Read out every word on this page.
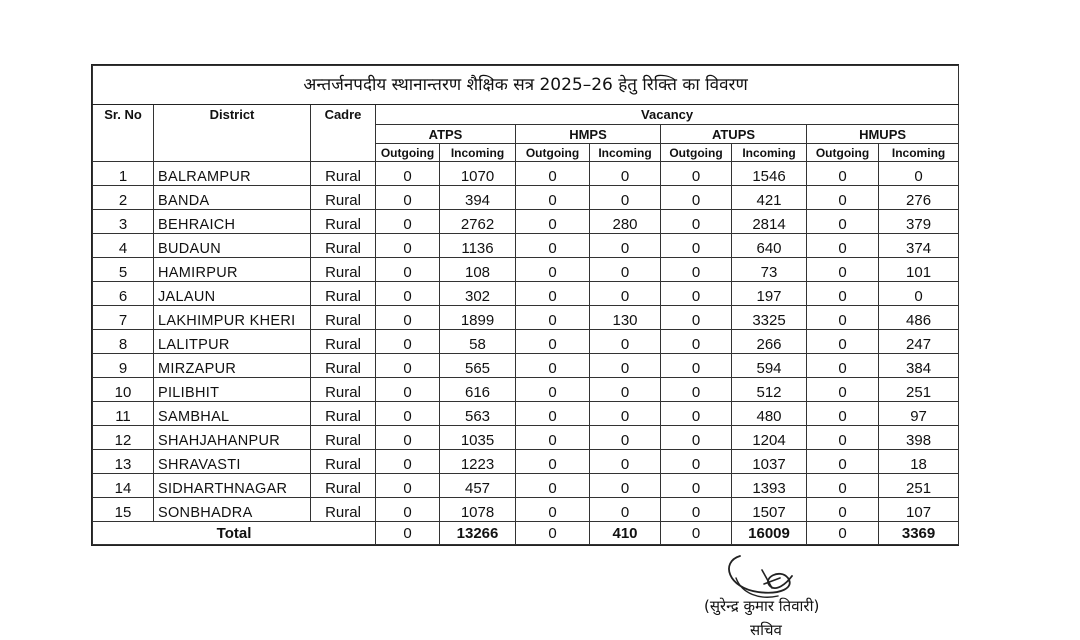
अन्तर्जनपदीय स्थानान्तरण शैक्षिक सत्र 2025–26 हेतु रिक्ति का विवरण										
Sr. No	District	Cadre	Vacancy							
			ATPS		HMPS		ATUPS		HMUPS	
			Outgoing	Incoming	Outgoing	Incoming	Outgoing	Incoming	Outgoing	Incoming
1	BALRAMPUR	Rural	0	1070	0	0	0	1546	0	0
2	BANDA	Rural	0	394	0	0	0	421	0	276
3	BEHRAICH	Rural	0	2762	0	280	0	2814	0	379
4	BUDAUN	Rural	0	1136	0	0	0	640	0	374
5	HAMIRPUR	Rural	0	108	0	0	0	73	0	101
6	JALAUN	Rural	0	302	0	0	0	197	0	0
7	LAKHIMPUR KHERI	Rural	0	1899	0	130	0	3325	0	486
8	LALITPUR	Rural	0	58	0	0	0	266	0	247
9	MIRZAPUR	Rural	0	565	0	0	0	594	0	384
10	PILIBHIT	Rural	0	616	0	0	0	512	0	251
11	SAMBHAL	Rural	0	563	0	0	0	480	0	97
12	SHAHJAHANPUR	Rural	0	1035	0	0	0	1204	0	398
13	SHRAVASTI	Rural	0	1223	0	0	0	1037	0	18
14	SIDHARTHNAGAR	Rural	0	457	0	0	0	1393	0	251
15	SONBHADRA	Rural	0	1078	0	0	0	1507	0	107
Total			0	13266	0	410	0	16009	0	3369
(सुरेन्द्र कुमार तिवारी)
सचिव
